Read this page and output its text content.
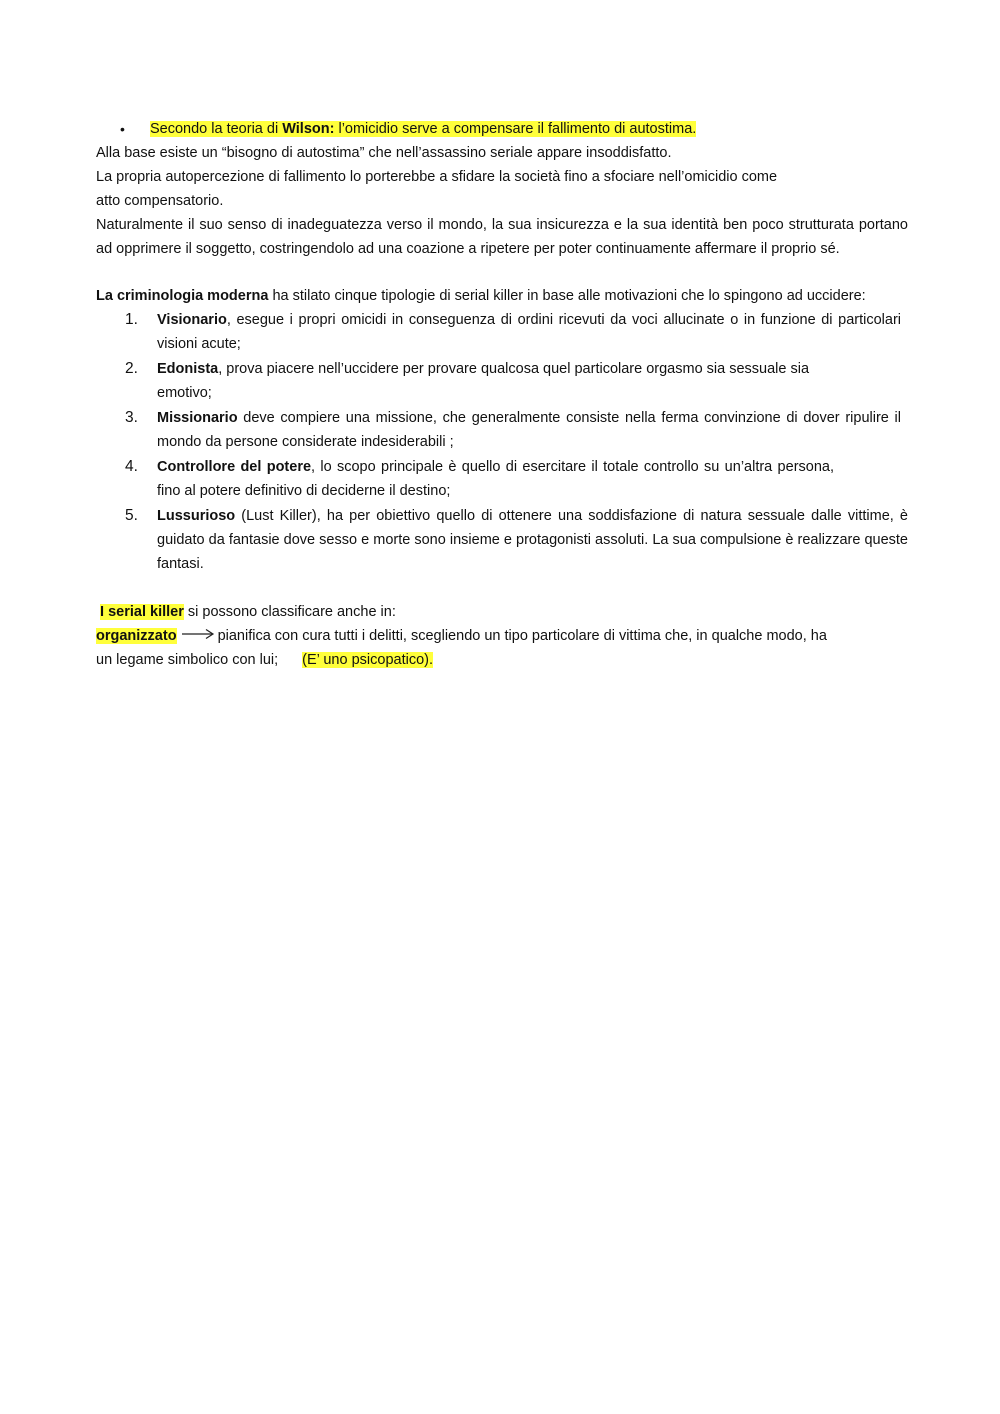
• Secondo la teoria di Wilson: l’omicidio serve a compensare il fallimento di autostima.

Alla base esiste un “bisogno di autostima” che nell’assassino seriale appare insoddisfatto.

La propria autopercezione di fallimento lo porterebbe a sfidare la società fino a sfociare nell’omicidio come

atto compensatorio.

Naturalmente il suo senso di inadeguatezza verso il mondo, la sua insicurezza e la sua identità ben poco strutturata portano ad opprimere il soggetto, costringendolo ad una coazione a ripetere per poter continuamente affermare il proprio sé.

La criminologia moderna ha stilato cinque tipologie di serial killer in base alle motivazioni che lo spingono ad uccidere:

1. Visionario, esegue i propri omicidi in conseguenza di ordini ricevuti da voci allucinate o in funzione di particolari visioni acute;
2. Edonista, prova piacere nell’uccidere per provare qualcosa quel particolare orgasmo sia sessuale sia emotivo;
3. Missionario deve compiere una missione, che generalmente consiste nella ferma convinzione di dover ripulire il mondo da persone considerate indesiderabili ;
4. Controllore del potere, lo scopo principale è quello di esercitare il totale controllo su un’altra persona, fino al potere definitivo di deciderne il destino;
5. Lussurioso (Lust Killer), ha per obiettivo quello di ottenere una soddisfazione di natura sessuale dalle vittime, è guidato da fantasie dove sesso e morte sono insieme e protagonisti assoluti. La sua compulsione è realizzare queste fantasi.

I serial killer si possono classificare anche in:

organizzato	pianifica con cura tutti i delitti, scegliendo un tipo particolare di vittima che, in qualche modo, ha

un legame simbolico con lui; (E’ uno psicopatico).
